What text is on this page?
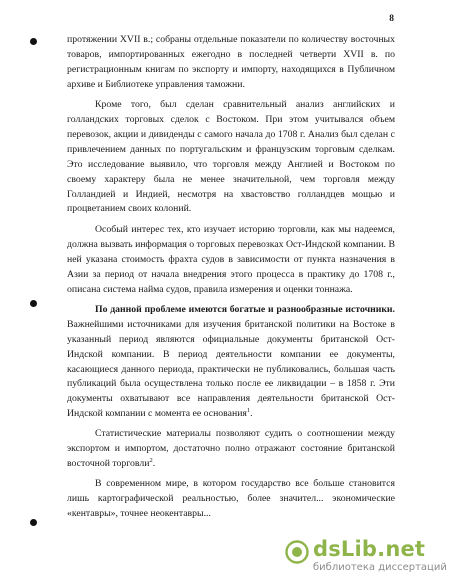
8

протяжении XVII в.; собраны отдельные показатели по количеству восточных товаров, импортированных ежегодно в последней четверти XVII в. по регистрационным книгам по экспорту и импорту, находящихся в Публичном архиве и Библиотеке управления таможни.

Кроме того, был сделан сравнительный анализ английских и голландских торговых сделок с Востоком. При этом учитывался объем перевозок, акции и дивиденды с самого начала до 1708 г. Анализ был сделан с привлечением данных по португальским и французским торговым сделкам. Это исследование выявило, что торговля между Англией и Востоком по своему характеру была не менее значительной, чем торговля между Голландией и Индией, несмотря на хвастовство голландцев мощью и процветанием своих колоний.

Особый интерес тех, кто изучает историю торговли, как мы надеемся, должна вызвать информация о торговых перевозках Ост-Индской компании. В ней указана стоимость фрахта судов в зависимости от пункта назначения в Азии за период от начала внедрения этого процесса в практику до 1708 г., описана система найма судов, правила измерения и оценки тоннажа.

По данной проблеме имеются богатые и разнообразные источники. Важнейшими источниками для изучения британской политики на Востоке в указанный период являются официальные документы британской Ост-Индской компании. В период деятельности компании ее документы, касающиеся данного периода, практически не публиковались, большая часть публикаций была осуществлена только после ее ликвидации – в 1858 г. Эти документы охватывают все направления деятельности британской Ост-Индской компании с момента ее основания$^1$.

Статистические материалы позволяют судить о соотношении между экспортом и импортом, достаточно полно отражают состояние британской восточной торговли$^2$.

В современном мире, в котором государство все больше становится лишь картографической реальностью, более значител... экономические «кентавры», точнее неокентавры...

dsLib.net
библиотека диссертаций
